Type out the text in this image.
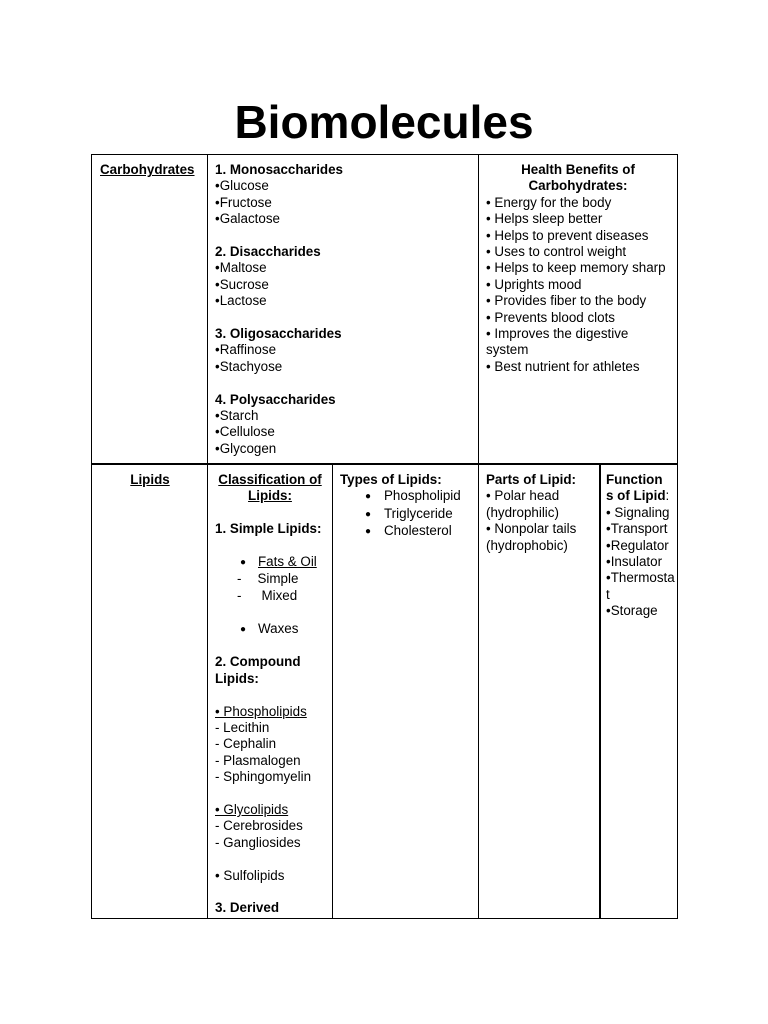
Biomolecules
Carbohydrates	1. Monosaccharides
•Glucose
•Fructose
•Galactose
2. Disaccharides
•Maltose
•Sucrose
•Lactose
3. Oligosaccharides
•Raffinose
•Stachyose
4. Polysaccharides
•Starch
•Cellulose
•Glycogen
Health Benefits of
Carbohydrates:
• Energy for the body
• Helps sleep better
• Helps to prevent diseases
• Uses to control weight
• Helps to keep memory sharp
• Uprights mood
• Provides fiber to the body
• Prevents blood clots
• Improves the digestive system
• Best nutrient for athletes
Lipids	Classification of
Lipids:
1. Simple Lipids:
● Fats & Oil
- Simple
- Mixed
● Waxes
2. Compound
Lipids:
• Phospholipids
- Lecithin
- Cephalin
- Plasmalogen
- Sphingomyelin
• Glycolipids
- Cerebrosides
- Gangliosides
• Sulfolipids
3. Derived
Types of Lipids:
● Phospholipid
● Triglyceride
● Cholesterol
Parts of Lipid:
• Polar head (hydrophilic)
• Nonpolar tails (hydrophobic)
Function
s of Lipid:
• Signaling
•Transport
•Regulator
•Insulator
•Thermostat
•Storage
